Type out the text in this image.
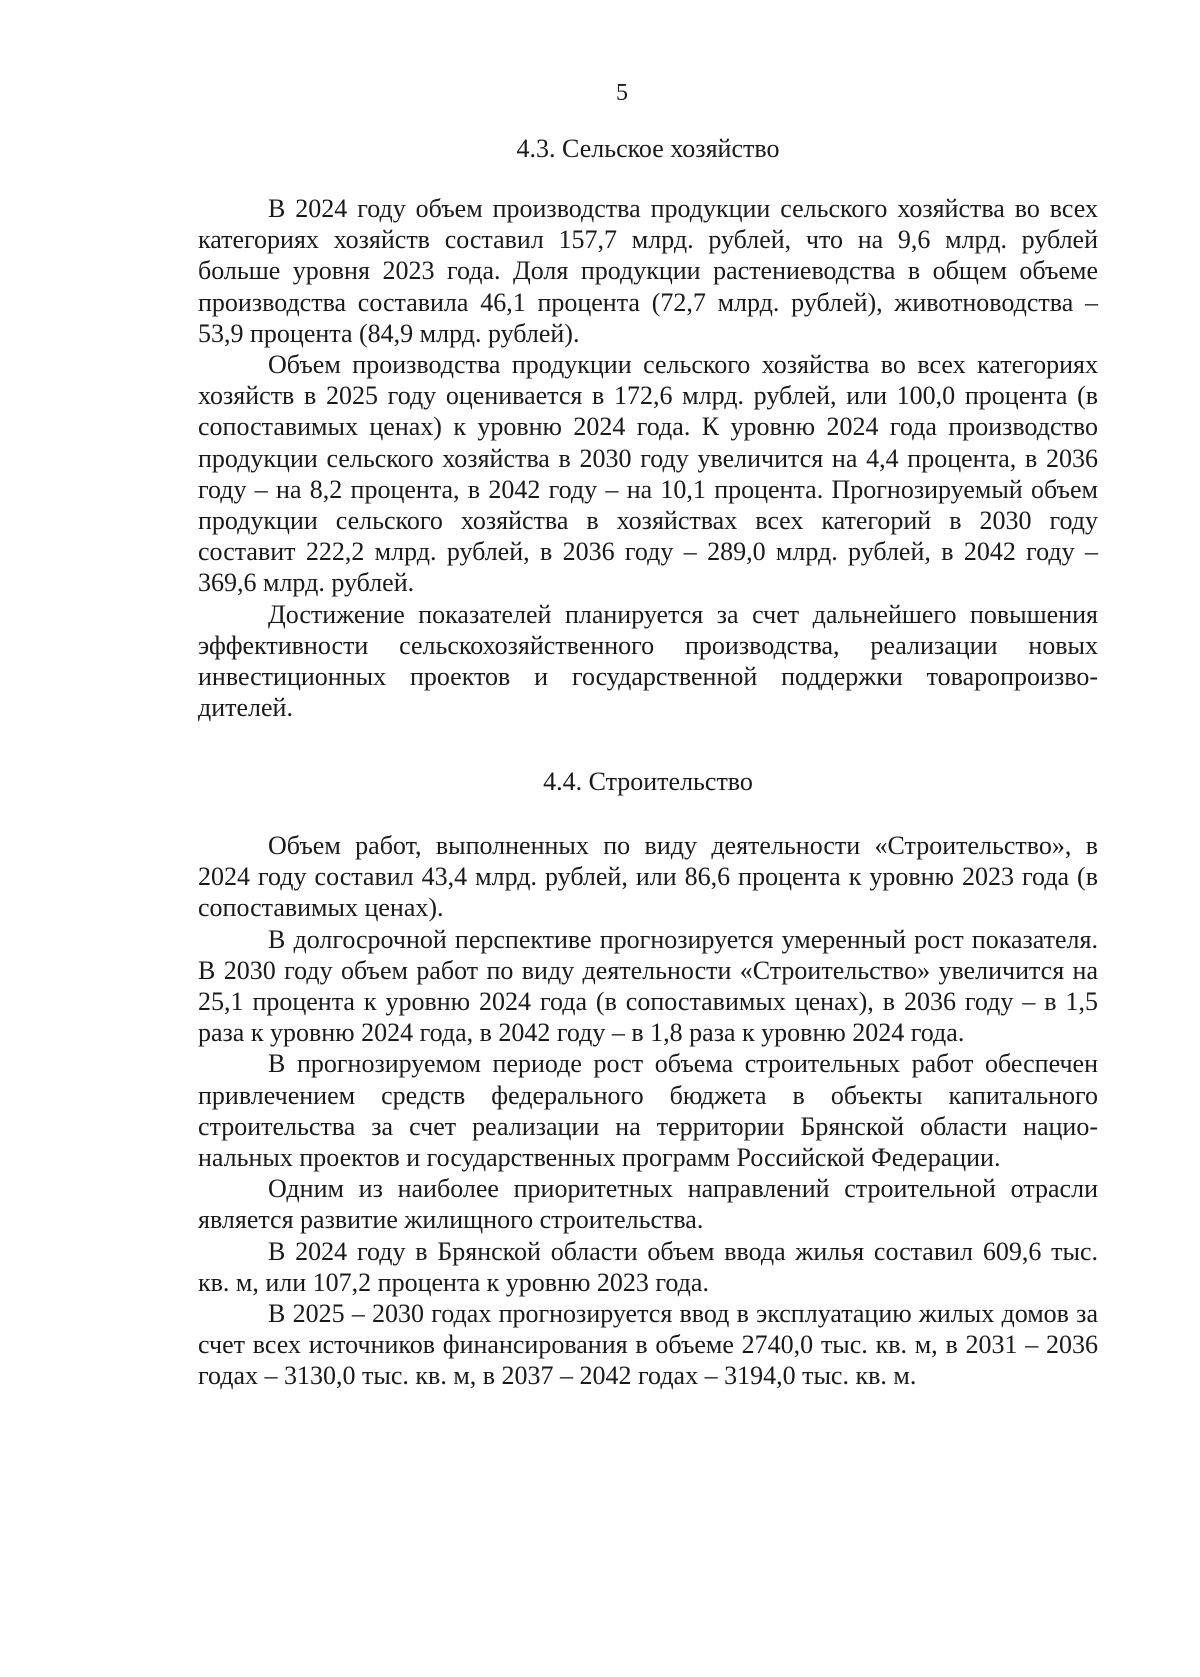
5
4.3. Сельское хозяйство

В 2024 году объем производства продукции сельского хозяйства во всех категориях хозяйств составил 157,7 млрд. рублей, что на 9,6 млрд. рублей больше уровня 2023 года. Доля продукции растениеводства в общем объеме производства составила 46,1 процента (72,7 млрд. рублей), животноводства – 53,9 процента (84,9 млрд. рублей).

Объем производства продукции сельского хозяйства во всех категориях хозяйств в 2025 году оценивается в 172,6 млрд. рублей, или 100,0 процента (в сопоставимых ценах) к уровню 2024 года. К уровню 2024 года производство продукции сельского хозяйства в 2030 году увеличится на 4,4 процента, в 2036 году – на 8,2 процента, в 2042 году – на 10,1 процента. Прогнозируемый объем продукции сельского хозяйства в хозяйствах всех категорий в 2030 году составит 222,2 млрд. рублей, в 2036 году – 289,0 млрд. рублей, в 2042 году – 369,6 млрд. рублей.

Достижение показателей планируется за счет дальнейшего повышения эффективности сельскохозяйственного производства, реализации новых инвестиционных проектов и государственной поддержки товаропроизво-дителей.

4.4. Строительство

Объем работ, выполненных по виду деятельности «Строительство», в 2024 году составил 43,4 млрд. рублей, или 86,6 процента к уровню 2023 года (в сопоставимых ценах).

В долгосрочной перспективе прогнозируется умеренный рост показателя. В 2030 году объем работ по виду деятельности «Строительство» увеличится на 25,1 процента к уровню 2024 года (в сопоставимых ценах), в 2036 году – в 1,5 раза к уровню 2024 года, в 2042 году – в 1,8 раза к уровню 2024 года.

В прогнозируемом периоде рост объема строительных работ обеспечен привлечением средств федерального бюджета в объекты капитального строительства за счет реализации на территории Брянской области нацио-нальных проектов и государственных программ Российской Федерации.

Одним из наиболее приоритетных направлений строительной отрасли является развитие жилищного строительства.

В 2024 году в Брянской области объем ввода жилья составил 609,6 тыс. кв. м, или 107,2 процента к уровню 2023 года.

В 2025 – 2030 годах прогнозируется ввод в эксплуатацию жилых домов за счет всех источников финансирования в объеме 2740,0 тыс. кв. м, в 2031 – 2036 годах – 3130,0 тыс. кв. м, в 2037 – 2042 годах – 3194,0 тыс. кв. м.
